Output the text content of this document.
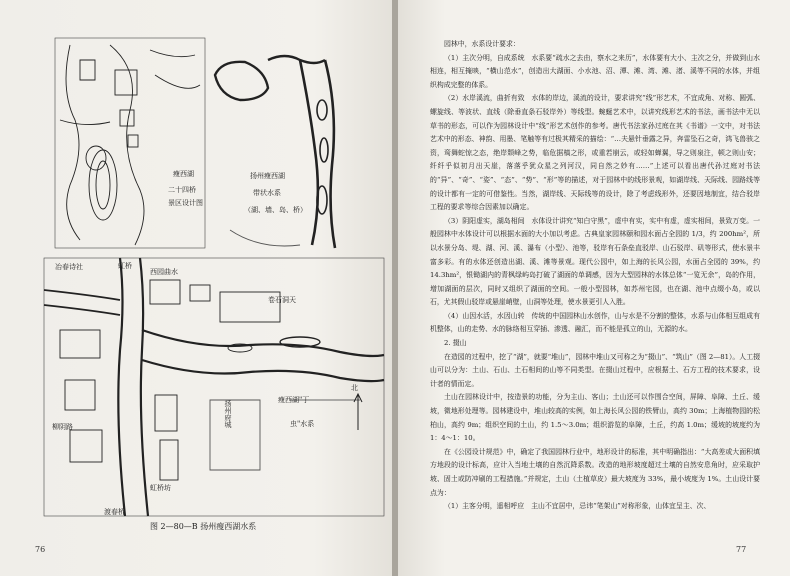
瘦西湖
二十四桥
景区设计图
扬州瘦西湖
带状水系
（湖、墙、岛、桥）
冶春诗社	虹桥
西园曲水
卷石洞天
扬州府城	瘦西湖"丁
虫"水系
北
柳阴路
虹桥坊
渡春桥
图 2—80—B 扬州瘦西湖水系
76	77

园林中，水系设计要求：

（1）主次分明，自成系统　水系要“疏水之去由，察水之来历”，水体要有大小、主次之分，并做到山水相连，相互掩映，“横山范水”，创造出大湖面、小水池、沼、潭、滩、湾、滩、渚、溪等不同的水体，并组织构成完整的体系。

（2）水岸溪流，曲折有致　水体的岸边，溪流的设计，要求讲究“线”形艺术，不宜成角、对称、圆弧、螺旋线、等波状、直线（除垂直条石驳岸外）等线型。蜿蜒艺术中，以讲究线形艺术的书法，画书法中无以草书的形态，可以作为园林设计中“线”形艺术创作的参考。唐代书法家孙过庭在其《书谱》一文中，对书法艺术中的形态、神韵、用墨、笔触等有过极其精采的描绘：“…夫悬针垂露之异，奔雷坠石之奇，鸿飞兽骇之资，鸾舞蛇惊之态，绝岸颓峰之势，临危据槁之形，或重若崩云，或轻如蝉翼，导之则泉注，顿之则山安；纤纤乎似初月出天崖，落落乎犹众星之列河汉，同自然之妙有……”上述可以看出唐代孙过庭对书法的“异”、“奇”、“姿”、“态”、“势”、“形”等的描述，对于园林中的线形景观，如湖岸线、天际线、园路线等的设计都有一定的可借鉴性。当然，湖岸线、天际线等的设计，除了考虑线形外，还要因地制宜，结合驳岸工程的要求等综合因素加以确定。

（3）阴阳虚实，湖岛相间　水体设计讲究“知白守黑”，虚中有实，实中有虚，虚实相间，景致万变。一般园林中水体设计可以根据水面的大小加以考虑。古典皇家园林颐和园水面占全园的 1/3，约 200hm²，所以水景分岛、堤、湖、河、溪、瀑布（小型）、池等，驳岸有石条垒直驳岸、山石驳岸、矶等形式，使水景丰富多彩。有的水体还创造出湖、溪、滩等景观。现代公园中，如上海的长风公园，水面占全园的 39%，约 14.3hm²，银锄湖内的青枫绿屿岛打破了湖面的单调感，因为大型园林的水体总体“一览无余”，岛的作用，增加湖面的层次，同时又组织了湖面的空间。一般小型园林，如苏州宅园，也在湖、池中点缀小岛，或以石，尤其假山驳岸或悬崖峭壁，山洞等处理，使水景更引人入胜。

（4）山因水活，水因山转　传统的中国园林山水创作，山与水是不分割的整体，水系与山体相互组成有机整体，山的走势、水的脉络相互穿插、渗透、融汇，而不能是孤立的山，无源的水。

2. 掇山

在造园的过程中，挖了“湖”，就要“堆山”，园林中堆山又可称之为“掇山”、“筑山”（图 2—81）。人工掇山可以分为：土山、石山、土石相间的山等不同类型。在掇山过程中，应根据土、石方工程的技术要求，设计者的情而定。

土山在园林设计中，按造景的功能，分为主山、客山；土山还可以作围合空间，屏障、阜障、土丘、缓坡，微地形处理等。园林建设中，堆山较高的实例，如上海长风公园的铁臂山，高约 30m；上海植物园的松柏山，高约 9m；组织空间的土山，约 1.5～3.0m；组织游览的阜障，土丘，约高 1.0m；缓坡的坡度约为 1：4～1：10。

在《公园设计规范》中，确定了我国园林行业中，地形设计的标准，其中明确指出：“大高差或大面积填方地段的设计标高，应计入当地土壤的自然沉降系数。改造的地形坡度超过土壤的自然安息角时，应采取护坡、固土或防冲刷的工程措施。”并规定，土山（土植草皮）最大坡度为 33%，最小坡度为 1%。土山设计要点为：

（1）主客分明，遥相呼应　主山不宜居中，忌讳“笔架山”对称形象，山体宜呈主、次、
